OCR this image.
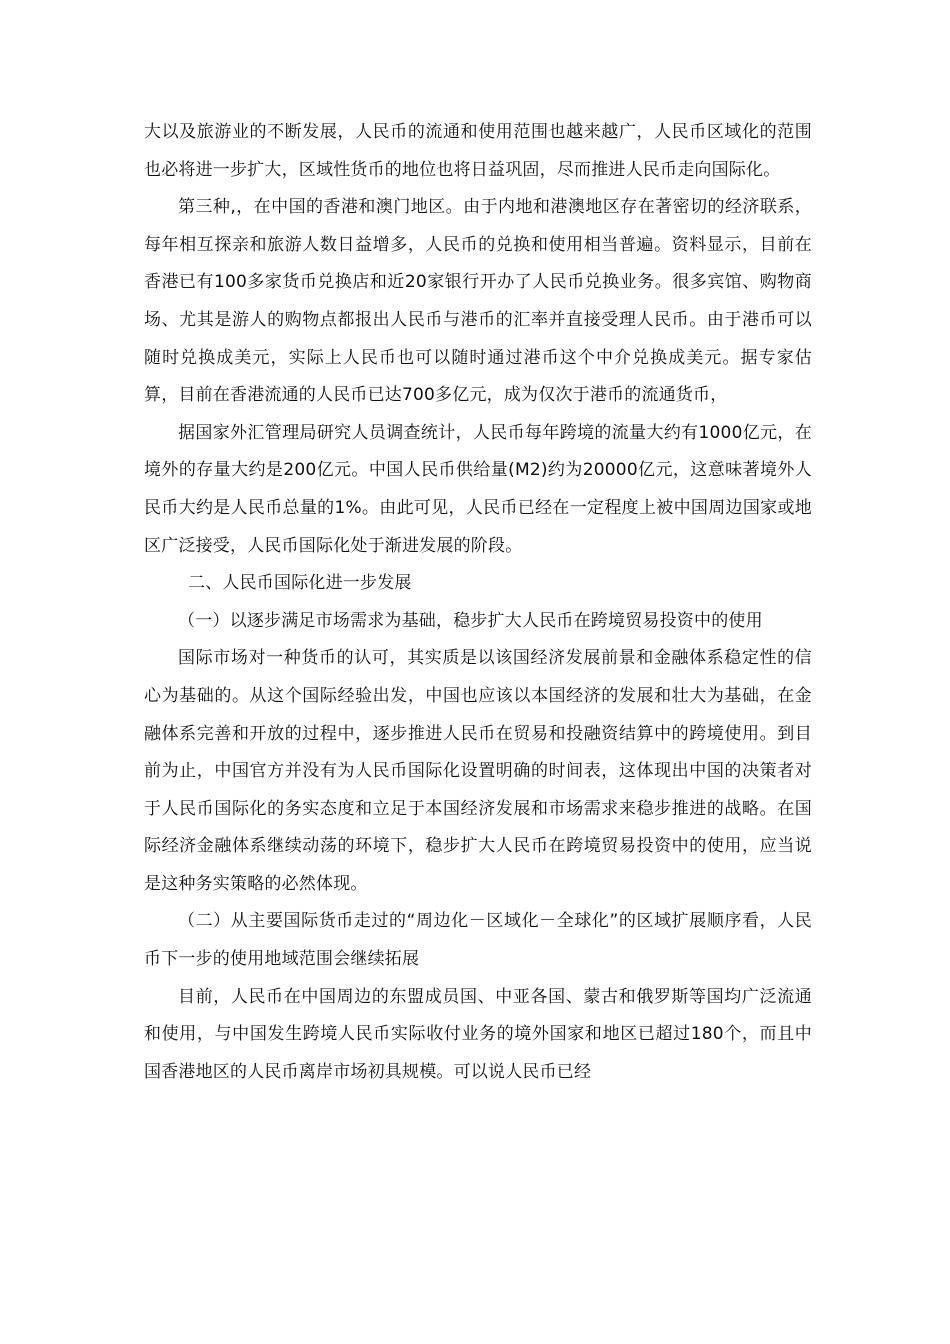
大以及旅游业的不断发展，人民币的流通和使用范围也越来越广，人民币区域化的范围也必将进一步扩大，区域性货币的地位也将日益巩固，尽而推进人民币走向国际化。

第三种,，在中国的香港和澳门地区。由于内地和港澳地区存在著密切的经济联系，每年相互探亲和旅游人数日益增多，人民币的兑换和使用相当普遍。资料显示，目前在香港已有100多家货币兑换店和近20家银行开办了人民币兑换业务。很多宾馆、购物商场、尤其是游人的购物点都报出人民币与港币的汇率并直接受理人民币。由于港币可以随时兑换成美元，实际上人民币也可以随时通过港币这个中介兑换成美元。据专家估算，目前在香港流通的人民币已达700多亿元，成为仅次于港币的流通货币，

据国家外汇管理局研究人员调查统计，人民币每年跨境的流量大约有1000亿元，在境外的存量大约是200亿元。中国人民币供给量(M2)约为20000亿元，这意味著境外人民币大约是人民币总量的1%。由此可见，人民币已经在一定程度上被中国周边国家或地区广泛接受，人民币国际化处于渐进发展的阶段。

二、人民币国际化进一步发展

（一）以逐步满足市场需求为基础，稳步扩大人民币在跨境贸易投资中的使用

国际市场对一种货币的认可，其实质是以该国经济发展前景和金融体系稳定性的信心为基础的。从这个国际经验出发，中国也应该以本国经济的发展和壮大为基础，在金融体系完善和开放的过程中，逐步推进人民币在贸易和投融资结算中的跨境使用。到目前为止，中国官方并没有为人民币国际化设置明确的时间表，这体现出中国的决策者对于人民币国际化的务实态度和立足于本国经济发展和市场需求来稳步推进的战略。在国际经济金融体系继续动荡的环境下，稳步扩大人民币在跨境贸易投资中的使用，应当说是这种务实策略的必然体现。

（二）从主要国际货币走过的“周边化－区域化－全球化”的区域扩展顺序看，人民币下一步的使用地域范围会继续拓展

目前，人民币在中国周边的东盟成员国、中亚各国、蒙古和俄罗斯等国均广泛流通和使用，与中国发生跨境人民币实际收付业务的境外国家和地区已超过180个，而且中国香港地区的人民币离岸市场初具规模。可以说人民币已经
